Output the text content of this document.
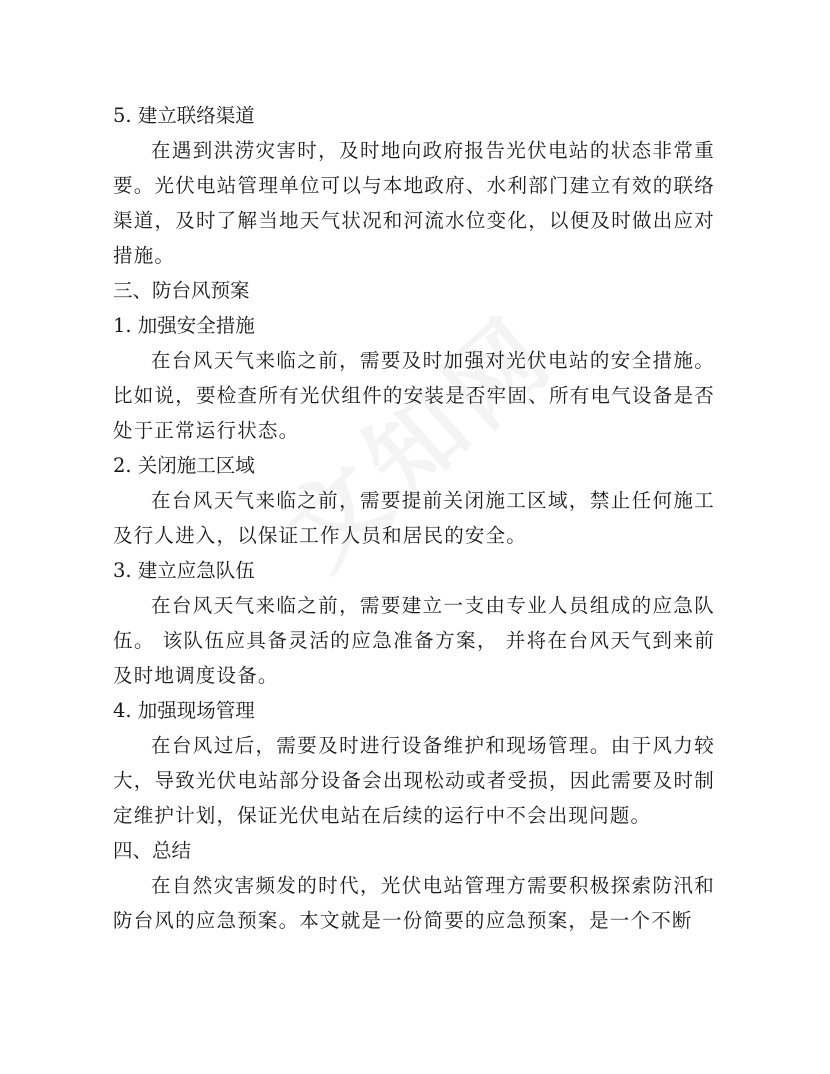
5. 建立联络渠道

在遇到洪涝灾害时，及时地向政府报告光伏电站的状态非常重要。光伏电站管理单位可以与本地政府、水利部门建立有效的联络渠道，及时了解当地天气状况和河流水位变化，以便及时做出应对措施。

三、防台风预案

1. 加强安全措施

在台风天气来临之前，需要及时加强对光伏电站的安全措施。比如说，要检查所有光伏组件的安装是否牢固、所有电气设备是否处于正常运行状态。

2. 关闭施工区域

在台风天气来临之前，需要提前关闭施工区域，禁止任何施工及行人进入，以保证工作人员和居民的安全。

3. 建立应急队伍

在台风天气来临之前，需要建立一支由专业人员组成的应急队伍。 该队伍应具备灵活的应急准备方案， 并将在台风天气到来前及时地调度设备。

4. 加强现场管理

在台风过后，需要及时进行设备维护和现场管理。由于风力较大，导致光伏电站部分设备会出现松动或者受损，因此需要及时制定维护计划，保证光伏电站在后续的运行中不会出现问题。

四、总结

在自然灾害频发的时代，光伏电站管理方需要积极探索防汛和防台风的应急预案。本文就是一份简要的应急预案，是一个不断
